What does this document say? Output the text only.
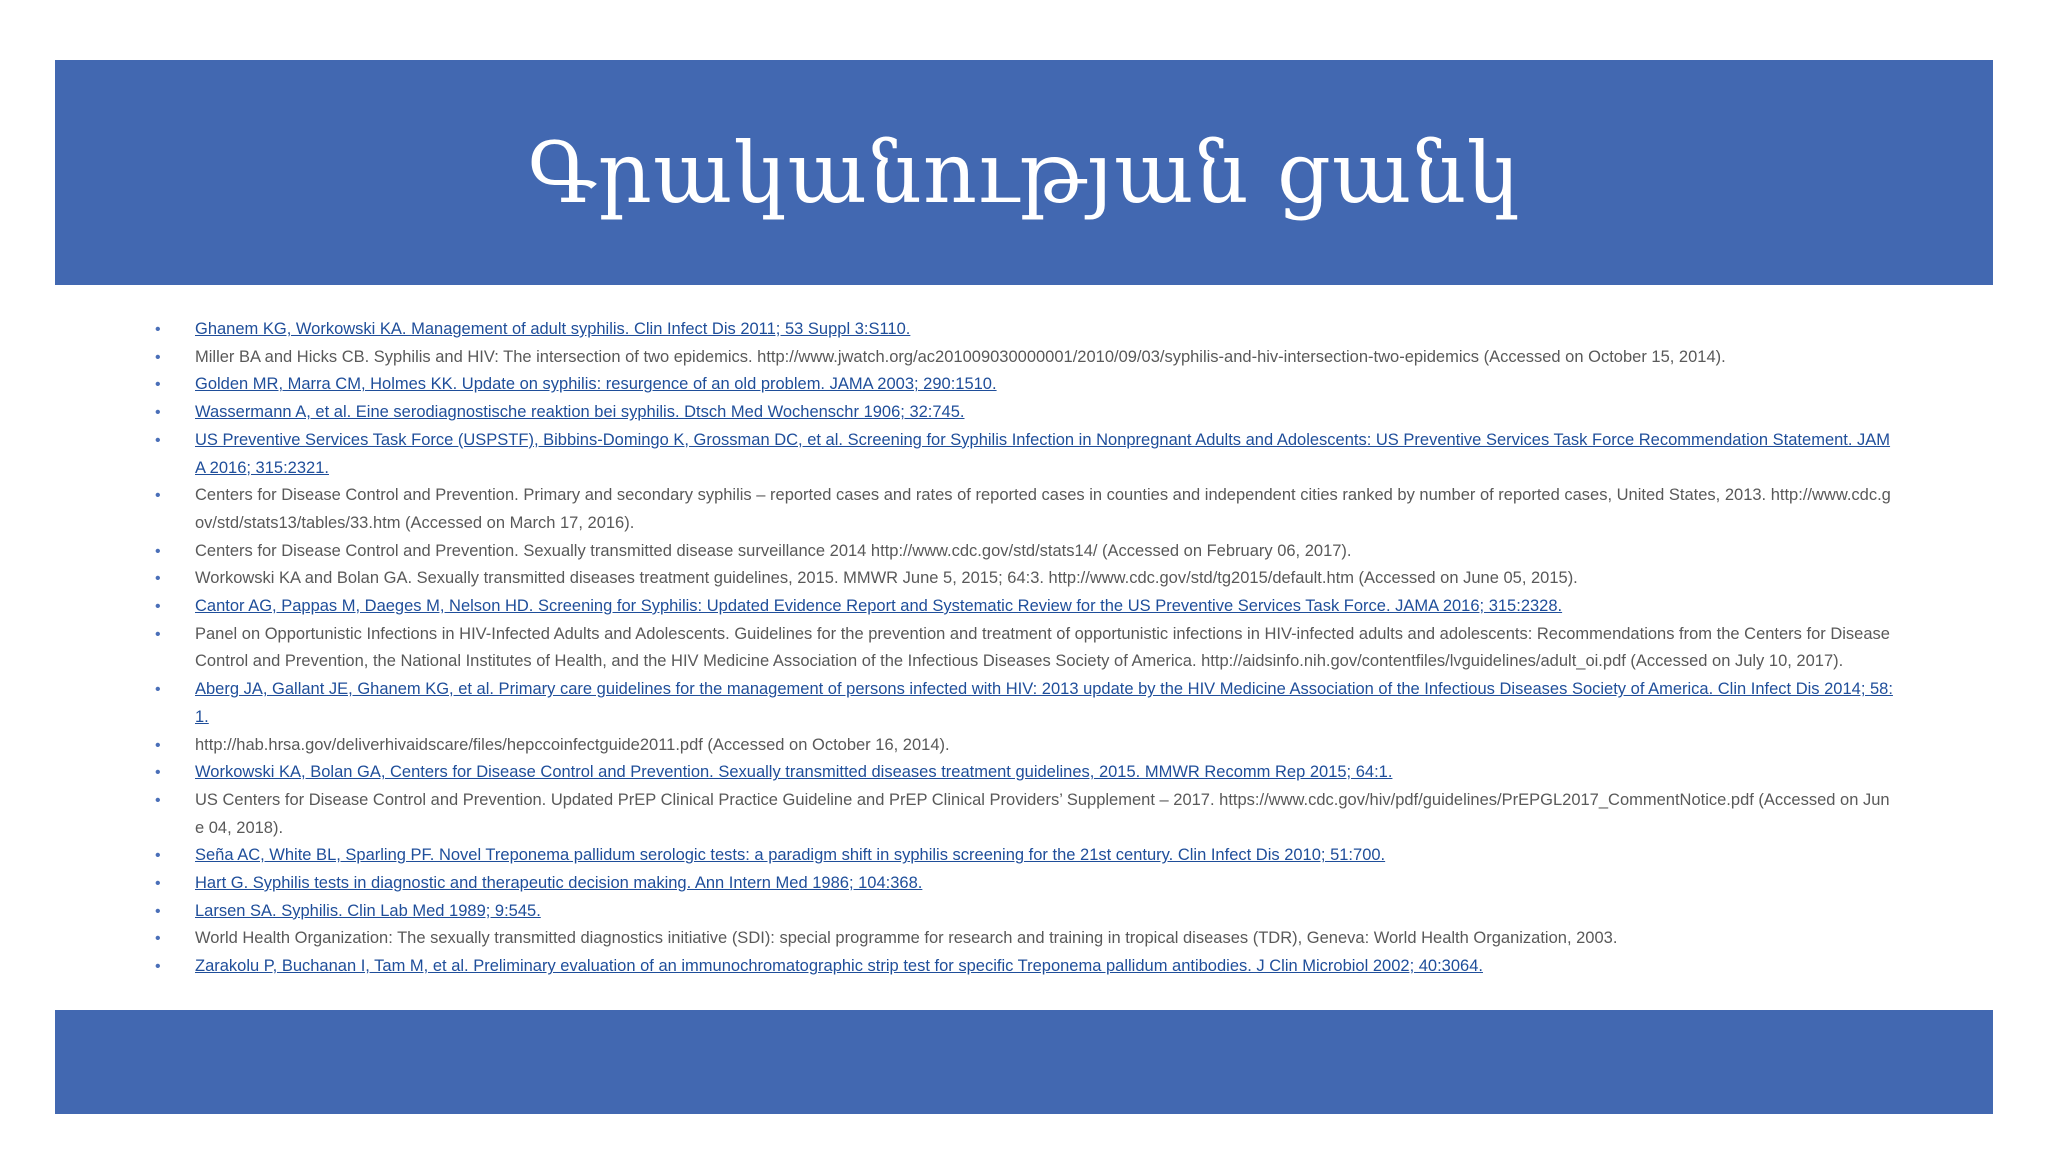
Գրականության ցանկ
• Ghanem KG, Workowski KA. Management of adult syphilis. Clin Infect Dis 2011; 53 Suppl 3:S110.
• Miller BA and Hicks CB. Syphilis and HIV: The intersection of two epidemics. http://www.jwatch.org/ac201009030000001/2010/09/03/syphilis-and-hiv-intersection-two-epidemics (Accessed on October 15, 2014).
• Golden MR, Marra CM, Holmes KK. Update on syphilis: resurgence of an old problem. JAMA 2003; 290:1510.
• Wassermann A, et al. Eine serodiagnostische reaktion bei syphilis. Dtsch Med Wochenschr 1906; 32:745.
• US Preventive Services Task Force (USPSTF), Bibbins-Domingo K, Grossman DC, et al. Screening for Syphilis Infection in Nonpregnant Adults and Adolescents: US Preventive Services Task Force Recommendation Statement. JAMA 2016; 315:2321.
• Centers for Disease Control and Prevention. Primary and secondary syphilis – reported cases and rates of reported cases in counties and independent cities ranked by number of reported cases, United States, 2013. http://www.cdc.gov/std/stats13/tables/33.htm (Accessed on March 17, 2016).
• Centers for Disease Control and Prevention. Sexually transmitted disease surveillance 2014 http://www.cdc.gov/std/stats14/ (Accessed on February 06, 2017).
• Workowski KA and Bolan GA. Sexually transmitted diseases treatment guidelines, 2015. MMWR June 5, 2015; 64:3. http://www.cdc.gov/std/tg2015/default.htm (Accessed on June 05, 2015).
• Cantor AG, Pappas M, Daeges M, Nelson HD. Screening for Syphilis: Updated Evidence Report and Systematic Review for the US Preventive Services Task Force. JAMA 2016; 315:2328.
• Panel on Opportunistic Infections in HIV-Infected Adults and Adolescents. Guidelines for the prevention and treatment of opportunistic infections in HIV-infected adults and adolescents: Recommendations from the Centers for Disease Control and Prevention, the National Institutes of Health, and the HIV Medicine Association of the Infectious Diseases Society of America. http://aidsinfo.nih.gov/contentfiles/lvguidelines/adult_oi.pdf (Accessed on July 10, 2017).
• Aberg JA, Gallant JE, Ghanem KG, et al. Primary care guidelines for the management of persons infected with HIV: 2013 update by the HIV Medicine Association of the Infectious Diseases Society of America. Clin Infect Dis 2014; 58:1.
• http://hab.hrsa.gov/deliverhivaidscare/files/hepccoinfectguide2011.pdf (Accessed on October 16, 2014).
• Workowski KA, Bolan GA, Centers for Disease Control and Prevention. Sexually transmitted diseases treatment guidelines, 2015. MMWR Recomm Rep 2015; 64:1.
• US Centers for Disease Control and Prevention. Updated PrEP Clinical Practice Guideline and PrEP Clinical Providers’ Supplement – 2017. https://www.cdc.gov/hiv/pdf/guidelines/PrEPGL2017_CommentNotice.pdf (Accessed on June 04, 2018).
• Seña AC, White BL, Sparling PF. Novel Treponema pallidum serologic tests: a paradigm shift in syphilis screening for the 21st century. Clin Infect Dis 2010; 51:700.
• Hart G. Syphilis tests in diagnostic and therapeutic decision making. Ann Intern Med 1986; 104:368.
• Larsen SA. Syphilis. Clin Lab Med 1989; 9:545.
• World Health Organization: The sexually transmitted diagnostics initiative (SDI): special programme for research and training in tropical diseases (TDR), Geneva: World Health Organization, 2003.
• Zarakolu P, Buchanan I, Tam M, et al. Preliminary evaluation of an immunochromatographic strip test for specific Treponema pallidum antibodies. J Clin Microbiol 2002; 40:3064.
